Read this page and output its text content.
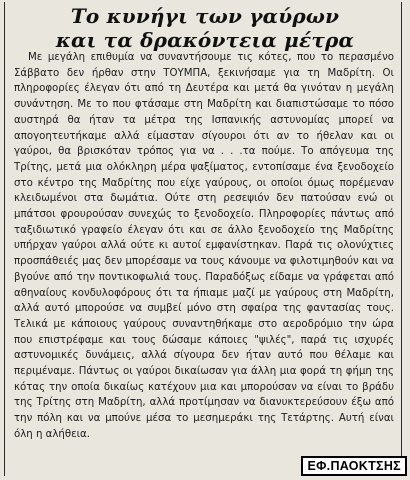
Το κυνήγι των γαύρων
και τα δρακόντεια μέτρα

Με μεγάλη επιθυμία να συναντήσουμε τις κότες, που το περασμένο Σάββατο δεν ήρθαν στην ΤΟΥΜΠΑ, ξεκινήσαμε για τη Μαδρίτη. Οι πληροφορίες έλεγαν ότι από τη Δευτέρα και μετά θα γινόταν η μεγάλη συνάντηση. Με το που φτάσαμε στη Μαδρίτη και διαπιστώσαμε το πόσο αυστηρά θα ήταν τα μέτρα της Ισπανικής αστυνομίας μπορεί να απογοητευτήκαμε αλλά είμασταν σίγουροι ότι αν το ήθελαν και οι γαύροι, θα βρισκόταν τρόπος για να . . .τα πούμε. Το απόγευμα της Τρίτης, μετά μια ολόκληρη μέρα ψαξίματος, εντοπίσαμε ένα ξενοδοχείο στο κέντρο της Μαδρίτης που είχε γαύρους, οι οποίοι όμως πορέμεναν κλειδωμένοι στα δωμάτια. Ούτε στη ρεσεψιόν δεν πατούσαν ενώ οι μπάτσοι φρουρούσαν συνεχώς το ξενοδοχείο. Πληροφορίες πάντως από ταξιδιωτικό γραφείο έλεγαν ότι και σε άλλο ξενοδοχείο της Μαδρίτης υπήρχαν γαύροι αλλά ούτε κι αυτοί εμφανίστηκαν. Παρά τις ολονύχτιες προσπάθειές μας δεν μπορέσαμε να τους κάνουμε να φιλοτιμηθούν και να βγούνε από την ποντικοφωλιά τους. Παραδόξως είδαμε να γράφεται από αθηναίους κονδυλοφόρους ότι τα ήπιαμε μαζί με γαύρους στη Μαδρίτη, αλλά αυτό μπορούσε να συμβεί μόνο στη σφαίρα της φαντασίας τους. Τελικά με κάποιους γαύρους συναντηθήκαμε στο αεροδρόμιο την ώρα που επιστρέφαμε και τους δώσαμε κάποιες "ψιλές", παρά τις ισχυρές αστυνομικές δυνάμεις, αλλά σίγουρα δεν ήταν αυτό που θέλαμε και περιμέναμε. Πάντως οι γαύροι δικαίωσαν για άλλη μια φορά τη φήμη της κότας την οποία δικαίως κατέχουν μια και μπορούσαν να είναι το βράδυ της Τρίτης στη Μαδρίτη, αλλά προτίμησαν να διανυκτερεύσουν έξω από την πόλη και να μπούνε μέσα το μεσημεράκι της Τετάρτης. Αυτή είναι όλη η αλήθεια.

ΕΦ.ΠΑΟΚΤΣΗΣ
